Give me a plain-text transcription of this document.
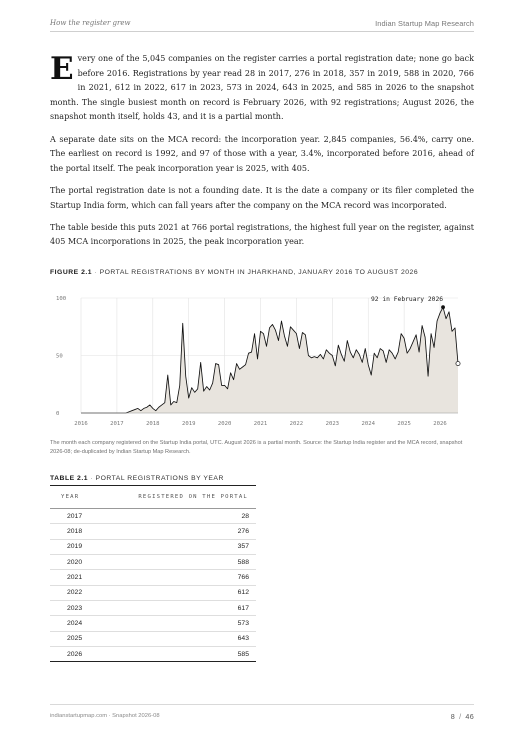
How the register grew	Indian Startup Map Research

Every one of the 5,045 companies on the register carries a portal registration date; none go back before 2016. Registrations by year read 28 in 2017, 276 in 2018, 357 in 2019, 588 in 2020, 766 in 2021, 612 in 2022, 617 in 2023, 573 in 2024, 643 in 2025, and 585 in 2026 to the snapshot month. The single busiest month on record is February 2026, with 92 registrations; August 2026, the snapshot month itself, holds 43, and it is a partial month.

A separate date sits on the MCA record: the incorporation year. 2,845 companies, 56.4%, carry one. The earliest on record is 1992, and 97 of those with a year, 3.4%, incorporated before 2016, ahead of the portal itself. The peak incorporation year is 2025, with 405.

The portal registration date is not a founding date. It is the date a company or its filer completed the Startup India form, which can fall years after the company on the MCA record was incorporated.

The table beside this puts 2021 at 766 portal registrations, the highest full year on the register, against 405 MCA incorporations in 2025, the peak incorporation year.

FIGURE 2.1 · PORTAL REGISTRATIONS BY MONTH IN JHARKHAND, JANUARY 2016 TO AUGUST 2026
0
50
100
2016	2017	2018	2019	2020	2021	2022	2023	2024	2025	2026
92 in February 2026
The month each company registered on the Startup India portal, UTC. August 2026 is a partial month. Source: the Startup India register and the MCA record, snapshot 2026-08; de-duplicated by Indian Startup Map Research.
TABLE 2.1 · PORTAL REGISTRATIONS BY YEAR
YEAR	REGISTERED ON THE PORTAL
2017	28
2018	276
2019	357
2020	588
2021	766
2022	612
2023	617
2024	573
2025	643
2026	585
indianstartupmap.com · Snapshot 2026-08	8 / 46
